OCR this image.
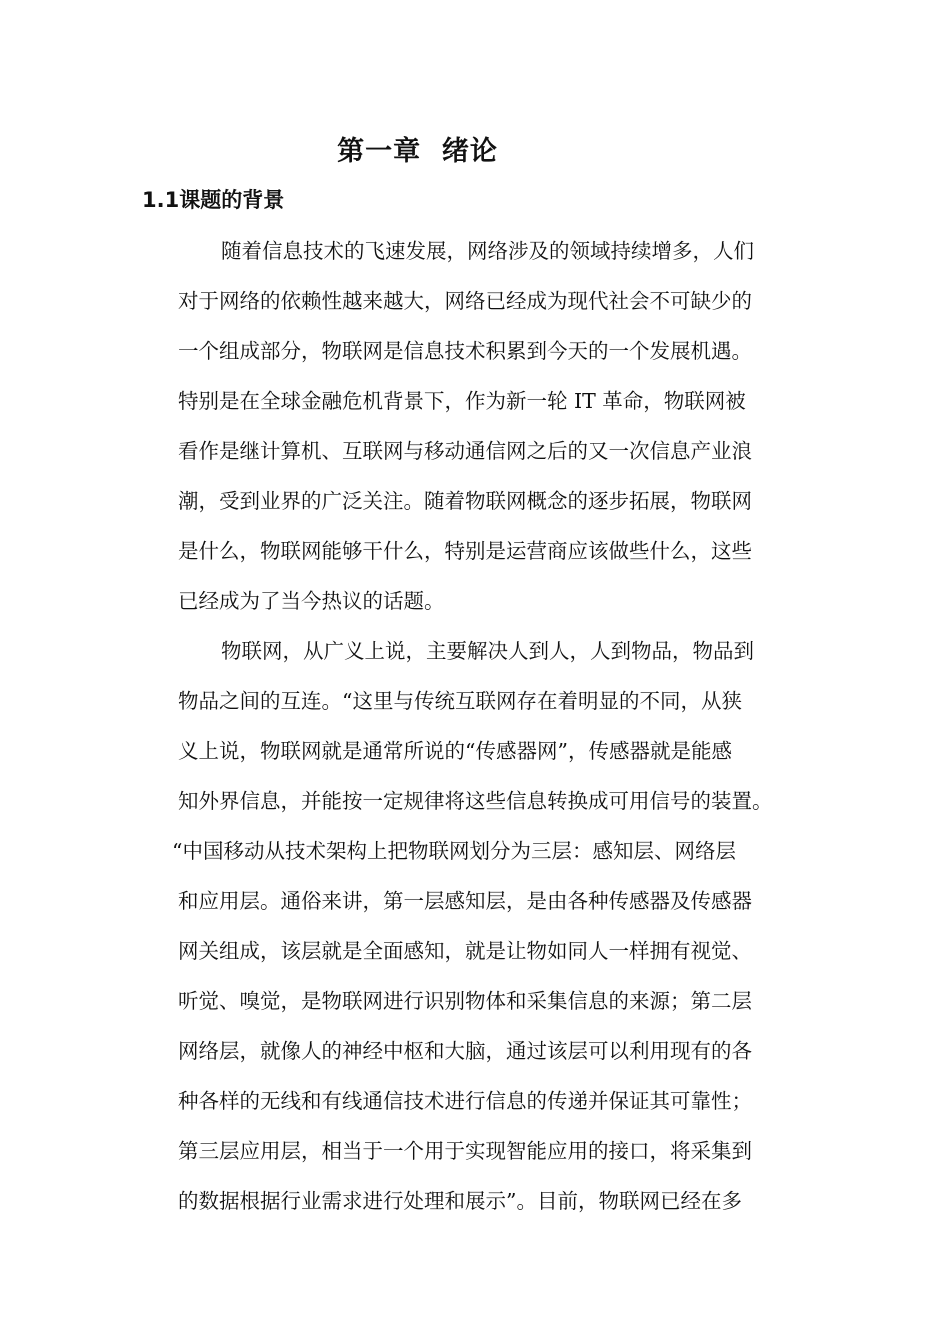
第一章  绪论
1.1课题的背景
随着信息技术的飞速发展，网络涉及的领域持续增多，人们
对于网络的依赖性越来越大，网络已经成为现代社会不可缺少的
一个组成部分，物联网是信息技术积累到今天的一个发展机遇。
特别是在全球金融危机背景下，作为新一轮 IT 革命，物联网被
看作是继计算机、互联网与移动通信网之后的又一次信息产业浪
潮，受到业界的广泛关注。随着物联网概念的逐步拓展，物联网
是什么，物联网能够干什么，特别是运营商应该做些什么，这些
已经成为了当今热议的话题。
物联网，从广义上说，主要解决人到人，人到物品，物品到
物品之间的互连。“这里与传统互联网存在着明显的不同，从狭
义上说，物联网就是通常所说的“传感器网”，传感器就是能感
知外界信息，并能按一定规律将这些信息转换成可用信号的装置。
“中国移动从技术架构上把物联网划分为三层：感知层、网络层
和应用层。通俗来讲，第一层感知层，是由各种传感器及传感器
网关组成，该层就是全面感知，就是让物如同人一样拥有视觉、
听觉、嗅觉，是物联网进行识别物体和采集信息的来源；第二层
网络层，就像人的神经中枢和大脑，通过该层可以利用现有的各
种各样的无线和有线通信技术进行信息的传递并保证其可靠性；
第三层应用层，相当于一个用于实现智能应用的接口，将采集到
的数据根据行业需求进行处理和展示”。目前，物联网已经在多
